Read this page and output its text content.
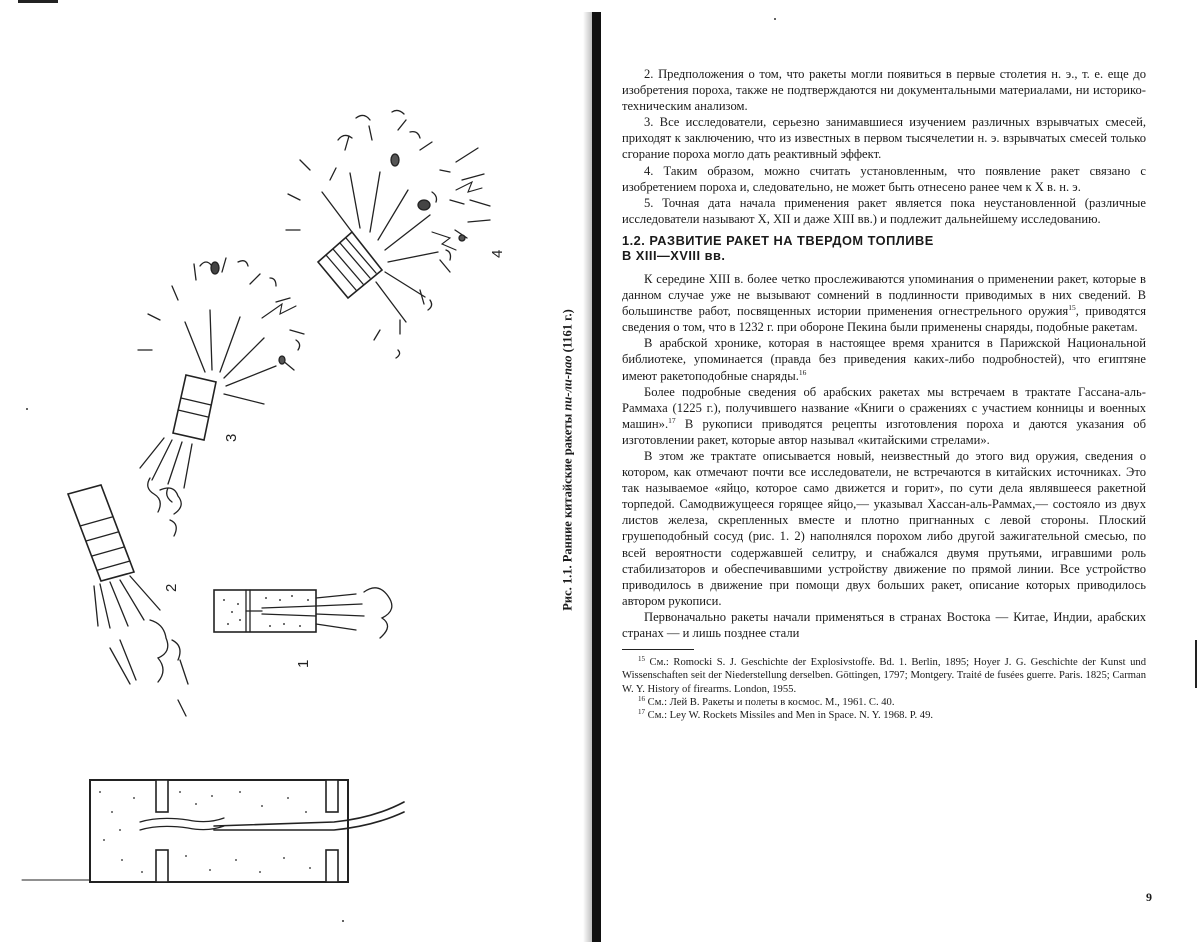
4
3
2
1
Рис. 1.1. Ранние китайские ракеты пи-ли-пао (1161 г.)

2. Предположения о том, что ракеты могли появиться в первые столетия н. э., т. е. еще до изобретения пороха, также не подтверждаются ни документальными материалами, ни историко-техническим анализом.

3. Все исследователи, серьезно занимавшиеся изучением различных взрывчатых смесей, приходят к заключению, что из известных в первом тысячелетии н. э. взрывчатых смесей только сгорание пороха могло дать реактивный эффект.

4. Таким образом, можно считать установленным, что появление ракет связано с изобретением пороха и, следовательно, не может быть отнесено ранее чем к X в. н. э.

5. Точная дата начала применения ракет является пока неустановленной (различные исследователи называют X, XII и даже XIII вв.) и подлежит дальнейшему исследованию.

1.2. РАЗВИТИЕ РАКЕТ НА ТВЕРДОМ ТОПЛИВЕ
В XIII—XVIII вв.

К середине XIII в. более четко прослеживаются упоминания о применении ракет, которые в данном случае уже не вызывают сомнений в подлинности приводимых в них сведений. В большинстве работ, посвященных истории применения огнестрельного оружия$^{15}$, приводятся сведения о том, что в 1232 г. при обороне Пекина были применены снаряды, подобные ракетам.

В арабской хронике, которая в настоящее время хранится в Парижской Национальной библиотеке, упоминается (правда без приведения каких-либо подробностей), что египтяне имеют ракетоподобные снаряды.$^{16}$

Более подробные сведения об арабских ракетах мы встречаем в трактате Гассана-аль-Раммаха (1225 г.), получившего название «Книги о сражениях с участием конницы и военных машин».$^{17}$ В рукописи приводятся рецепты изготовления пороха и даются указания об изготовлении ракет, которые автор называл «китайскими стрелами».

В этом же трактате описывается новый, неизвестный до этого вид оружия, сведения о котором, как отмечают почти все исследователи, не встречаются в китайских источниках. Это так называемое «яйцо, которое само движется и горит», по сути дела являвшееся ракетной торпедой. Самодвижущееся горящее яйцо,— указывал Хассан-аль-Раммах,— состояло из двух листов железа, скрепленных вместе и плотно пригнанных с левой стороны. Плоский грушеподобный сосуд (рис. 1. 2) наполнялся порохом либо другой зажигательной смесью, по всей вероятности содержавшей селитру, и снабжался двумя прутьями, игравшими роль стабилизаторов и обеспечивавшими устройству движение по прямой линии. Все устройство приводилось в движение при помощи двух больших ракет, описание которых приводилось автором рукописи.

Первоначально ракеты начали применяться в странах Востока — Китае, Индии, арабских странах — и лишь позднее стали

$^{15}$ См.: Romocki S. J. Geschichte der Explosivstoffe. Bd. 1. Berlin, 1895; Hoyer J. G. Geschichte der Kunst und Wissenschaften seit der Niederstellung derselben. Göttingen, 1797; Montgery. Traité de fusées guerre. Paris. 1825; Carman W. Y. History of firearms. London, 1955.

$^{16}$ См.: Лей В. Ракеты и полеты в космос. М., 1961. С. 40.

$^{17}$ См.: Ley W. Rockets Missiles and Men in Space. N. Y. 1968. P. 49.

9
